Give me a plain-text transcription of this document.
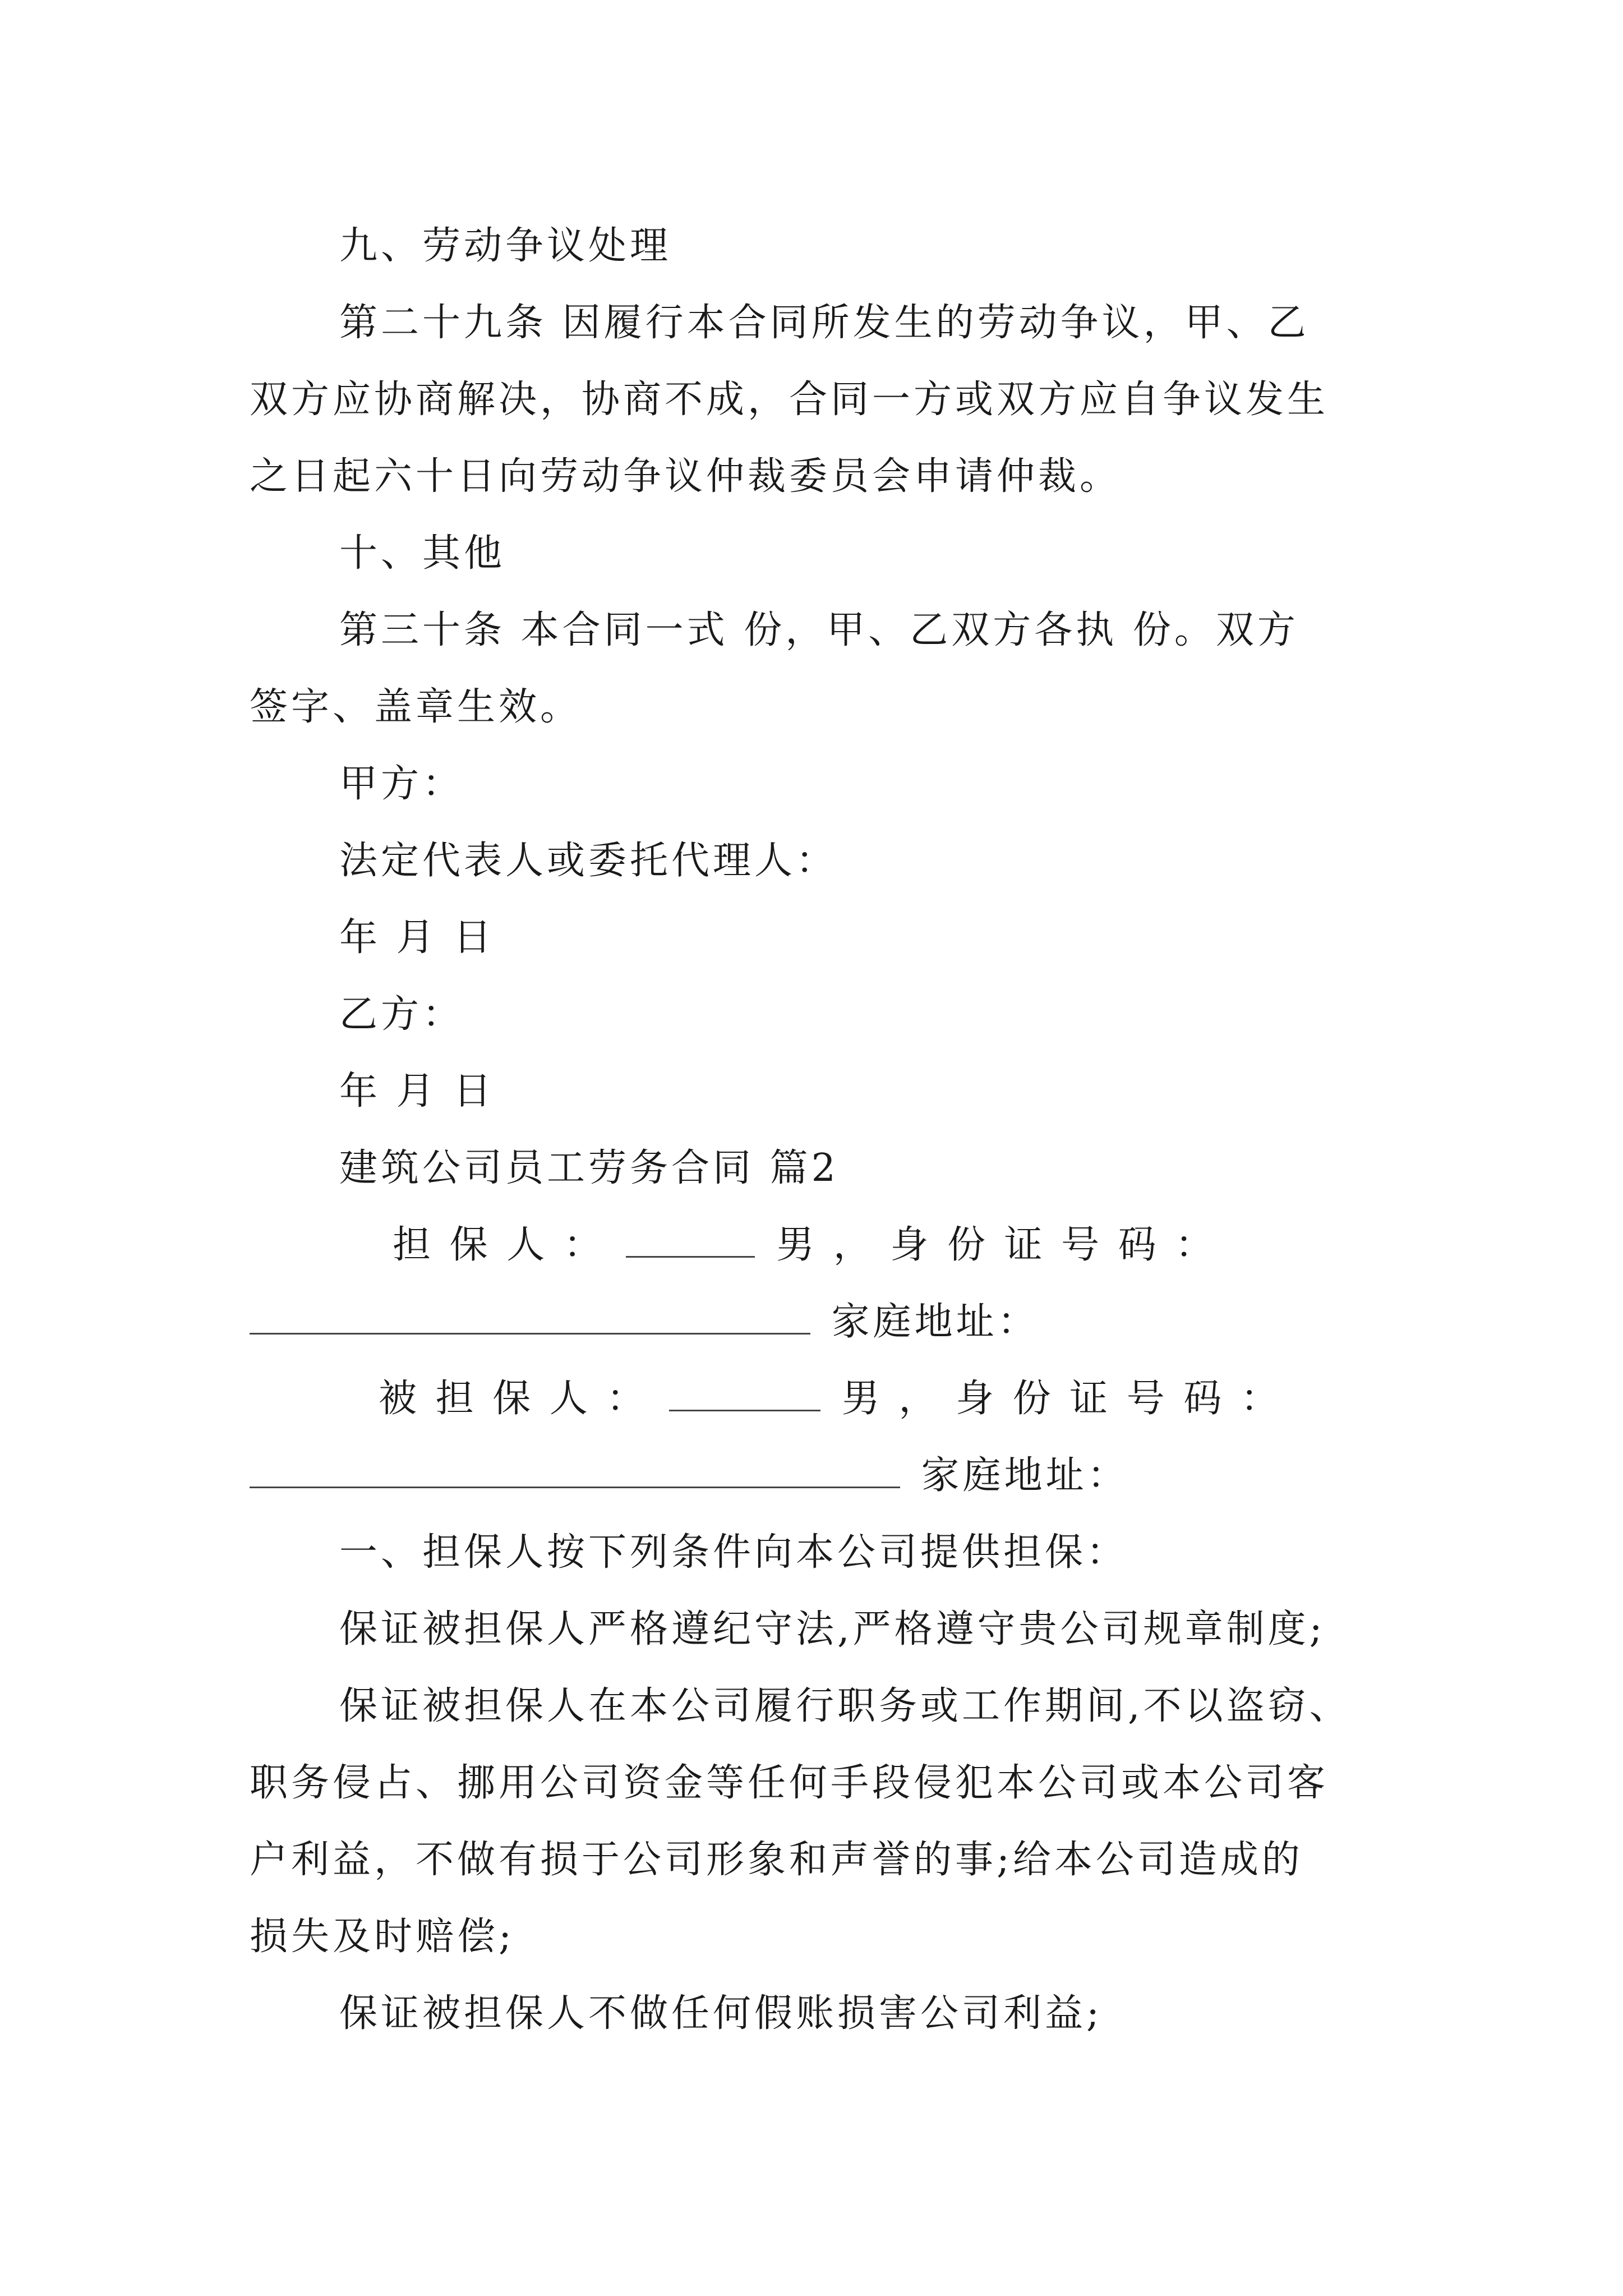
九、劳动争议处理
第二十九条 因履行本合同所发生的劳动争议，甲、乙
双方应协商解决，协商不成，合同一方或双方应自争议发生
之日起六十日向劳动争议仲裁委员会申请仲裁。
十、其他
第三十条 本合同一式 份，甲、乙双方各执 份。双方
签字、盖章生效。
甲方：
法定代表人或委托代理人：
年 月 日
乙方：
年 月 日
建筑公司员工劳务合同 篇2
担 保 人 ：	男 ， 身 份 证 号 码 ：
家庭地址：
被 担 保 人 ：	男 ， 身 份 证 号 码 ：
家庭地址：
一、担保人按下列条件向本公司提供担保：
保证被担保人严格遵纪守法,严格遵守贵公司规章制度;
保证被担保人在本公司履行职务或工作期间,不以盗窃、
职务侵占、挪用公司资金等任何手段侵犯本公司或本公司客
户利益，不做有损于公司形象和声誉的事;给本公司造成的
损失及时赔偿;
保证被担保人不做任何假账损害公司利益;
